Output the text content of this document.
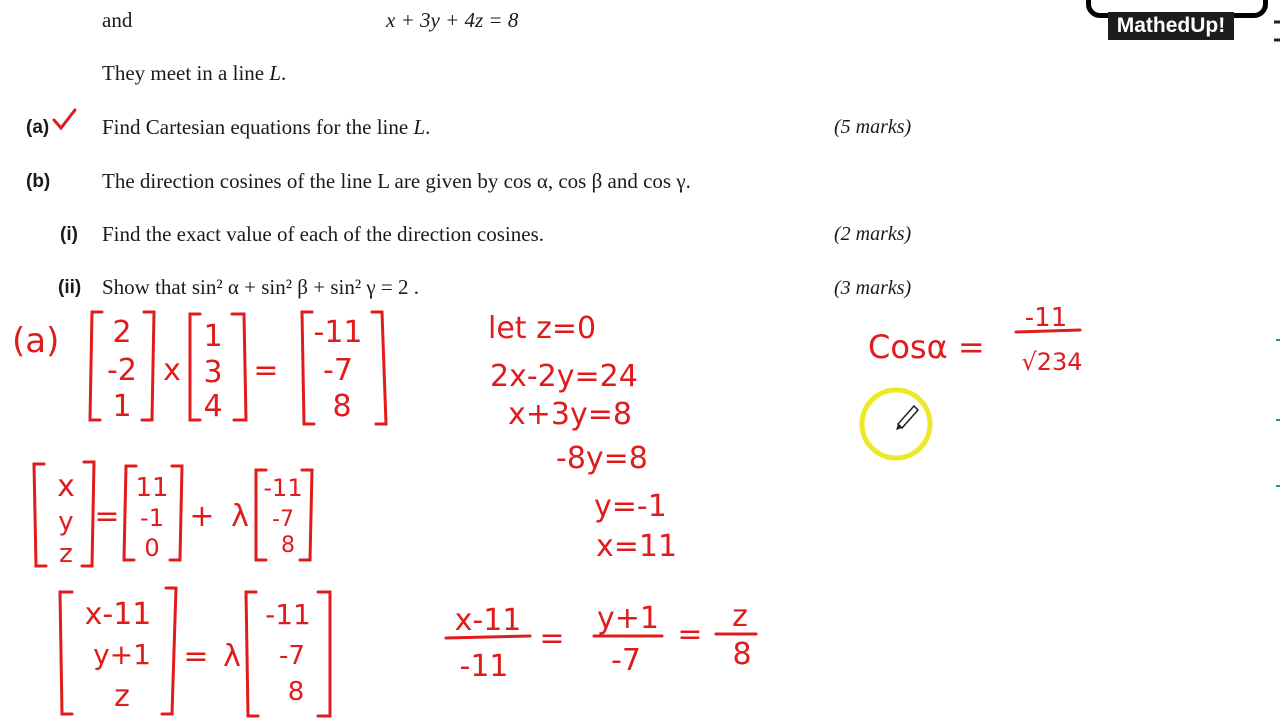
MathedUp!
and	x + 3y + 4z = 8
They meet in a line L.
(a)	Find Cartesian equations for the line L.	(5 marks)
(b) The direction cosines of the line L are given by cos α, cos β and cos γ.
(i) Find the exact value of each of the direction cosines.	(2 marks)
(ii) Show that sin² α + sin² β + sin² γ = 2 .	(3 marks)
(a) 2
-2
1
x
1
3
4
=
-11
-7
8
let z=0
2x-2y=24
x+3y=8
-8y=8
y=-1
x=11
x
y
z
=
11
-1
0
+ λ
-11
-7
8
x-11
y+1
z
= λ
-11
-7
8
x-11
-11
=
y+1
-7
=
z
8
Cosα =
-11
√234
